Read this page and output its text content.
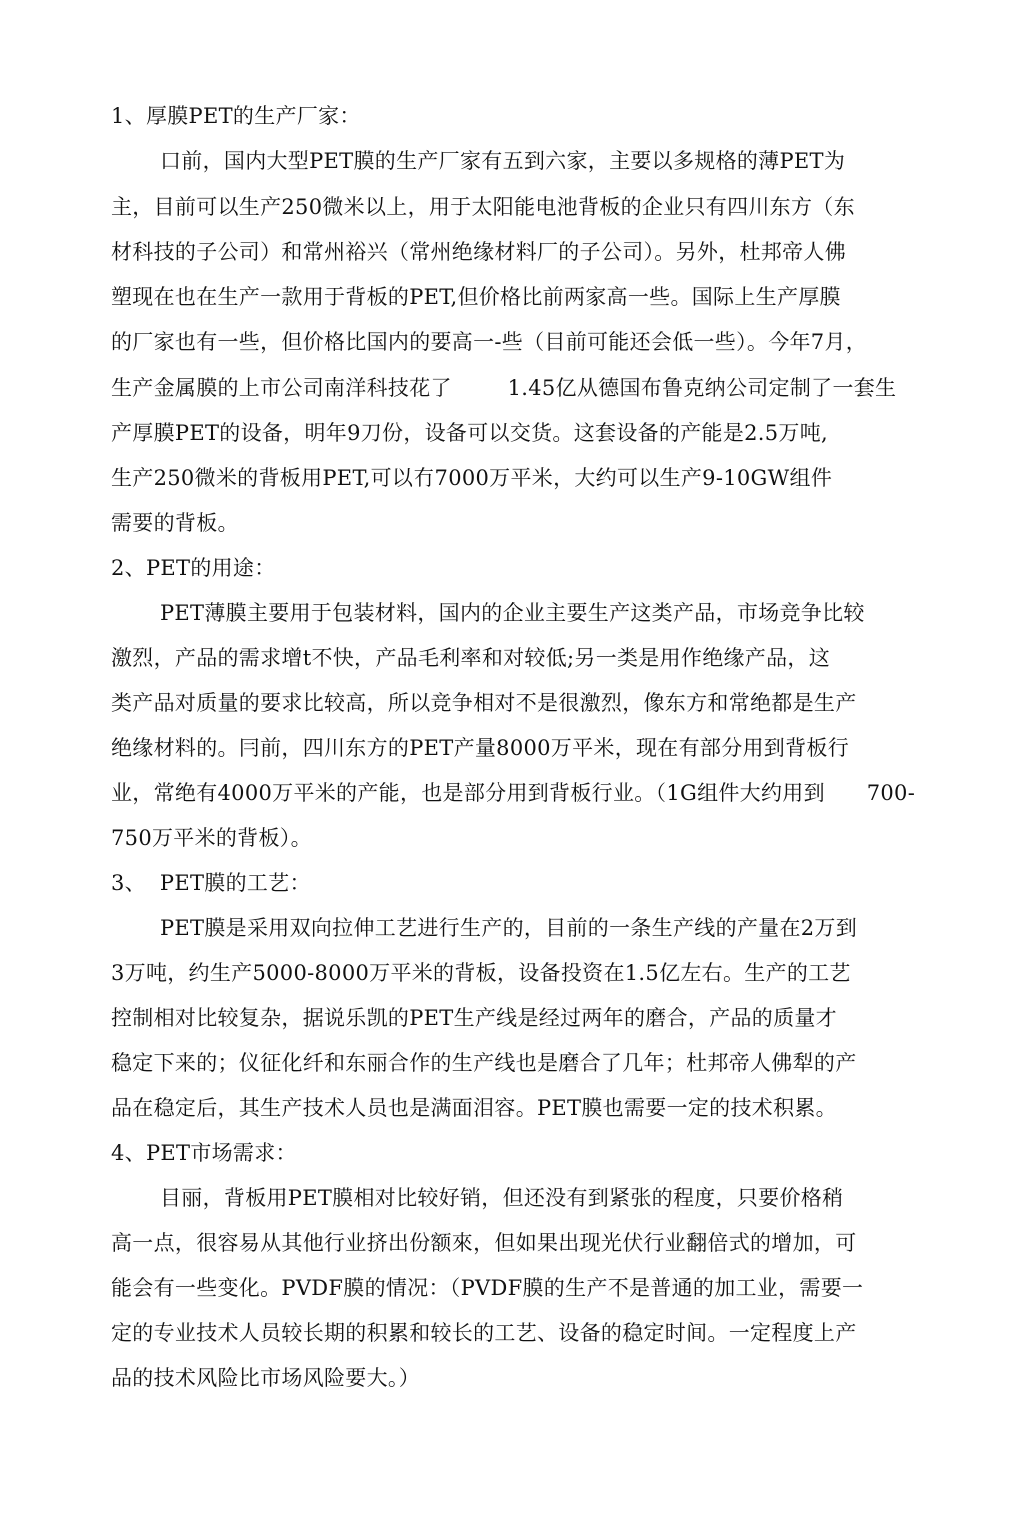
1、厚膜PET的生产厂家：
口前，国内大型PET膜的生产厂家有五到六家，主要以多规格的薄PET为
主，目前可以生产250微米以上，用于太阳能电池背板的企业只有四川东方（东
材科技的子公司）和常州裕兴（常州绝缘材料厂的子公司）。另外，杜邦帝人佛
塑现在也在生产一款用于背板的PET,但价格比前两家高一些。国际上生产厚膜
的厂家也有一些，但价格比国内的要高一-些（目前可能还会低一些）。今年7月，
生产金属膜的上市公司南洋科技花了        1.45亿从德国布鲁克纳公司定制了一套生
产厚膜PET的设备，明年9刀份，设备可以交货。这套设备的产能是2.5万吨,
生产250微米的背板用PET,可以冇7000万平米，大约可以生产9-10GW组件
需要的背板。
2、PET的用途：
PET薄膜主要用于包装材料，国内的企业主要生产这类产品，市场竞争比较
激烈，产品的需求增t不快，产品毛利率和对较低;另一类是用作绝缘产品，这
类产品对质量的要求比较高，所以竞争相对不是很激烈，像东方和常绝都是生产
绝缘材料的。冃前，四川东方的PET产量8000万平米，现在有部分用到背板行
业，常绝有4000万平米的产能，也是部分用到背板行业。（1G组件大约用到      700-
750万平米的背板）。
3、  PET膜的工艺：
PET膜是采用双向拉伸工艺进行生产的，目前的一条生产线的产量在2万到
3万吨，约生产5000-8000万平米的背板，设备投资在1.5亿左右。生产的工艺
控制相对比较复杂，据说乐凯的PET生产线是经过两年的磨合，产品的质量才
稳定下来的；仪征化纤和东丽合作的生产线也是磨合了几年；杜邦帝人佛犁的产
品在稳定后，其生产技术人员也是满面泪容。PET膜也需要一定的技术积累。
4、PET市场需求：
目丽，背板用PET膜相对比较好销，但还没有到紧张的程度，只要价格稍
高一点，很容易从其他行业挤出份额來，但如果出现光伏行业翻倍式的增加，可
能会有一些变化。PVDF膜的情况：（PVDF膜的生产不是普通的加工业，需要一
定的专业技术人员较长期的积累和较长的工艺、设备的稳定时间。一定程度上产
品的技术风险比市场风险要大。）
